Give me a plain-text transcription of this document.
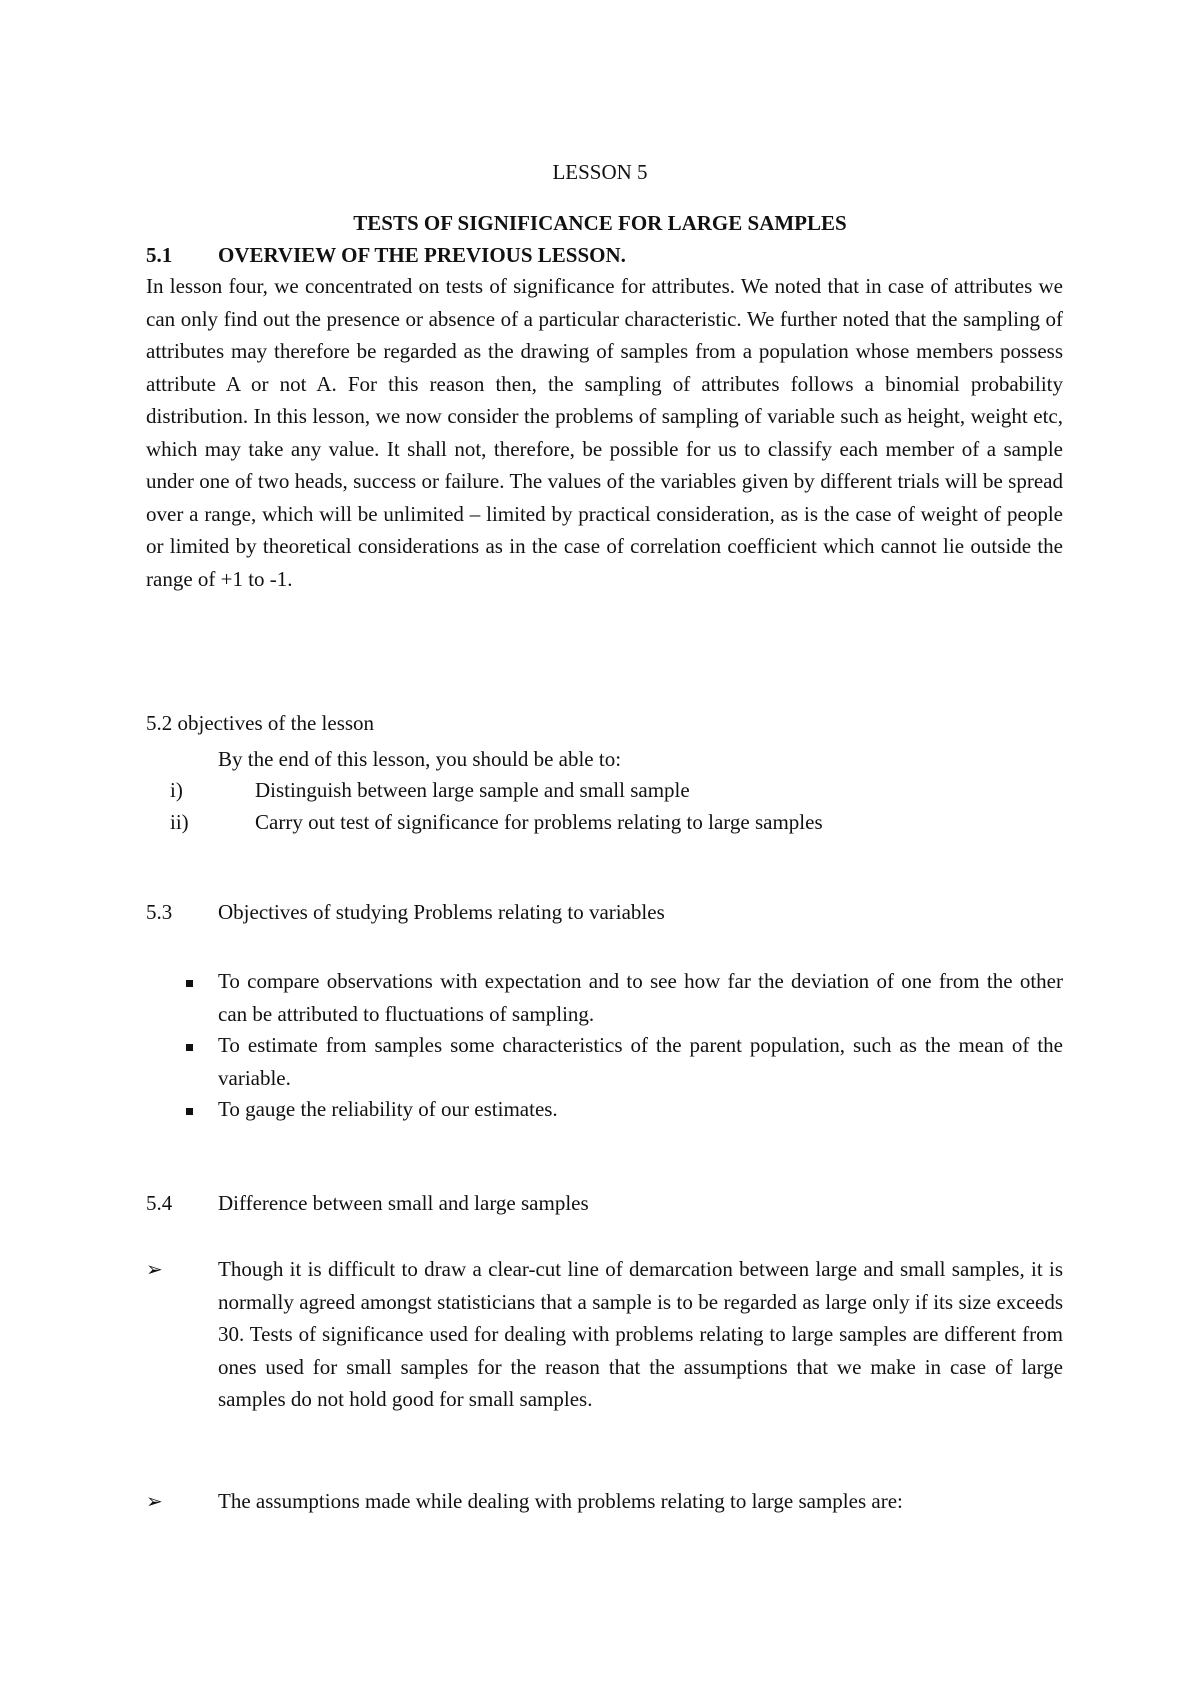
LESSON 5
TESTS OF SIGNIFICANCE FOR LARGE SAMPLES
5.1 OVERVIEW OF THE PREVIOUS LESSON.
In lesson four, we concentrated on tests of significance for attributes. We noted that in case of attributes we can only find out the presence or absence of a particular characteristic. We further noted that the sampling of attributes may therefore be regarded as the drawing of samples from a population whose members possess attribute A or not A. For this reason then, the sampling of attributes follows a binomial probability distribution. In this lesson, we now consider the problems of sampling of variable such as height, weight etc, which may take any value. It shall not, therefore, be possible for us to classify each member of a sample under one of two heads, success or failure. The values of the variables given by different trials will be spread over a range, which will be unlimited – limited by practical consideration, as is the case of weight of people or limited by theoretical considerations as in the case of correlation coefficient which cannot lie outside the range of +1 to -1.
5.2 objectives of the lesson
By the end of this lesson, you should be able to:
i)	Distinguish between large sample and small sample
ii)	Carry out test of significance for problems relating to large samples
5.3 Objectives of studying Problems relating to variables
To compare observations with expectation and to see how far the deviation of one from the other can be attributed to fluctuations of sampling.
To estimate from samples some characteristics of the parent population, such as the mean of the variable.
To gauge the reliability of our estimates.
5.4 Difference between small and large samples
➢	Though it is difficult to draw a clear-cut line of demarcation between large and small samples, it is normally agreed amongst statisticians that a sample is to be regarded as large only if its size exceeds 30. Tests of significance used for dealing with problems relating to large samples are different from ones used for small samples for the reason that the assumptions that we make in case of large samples do not hold good for small samples.
➢	The assumptions made while dealing with problems relating to large samples are:
